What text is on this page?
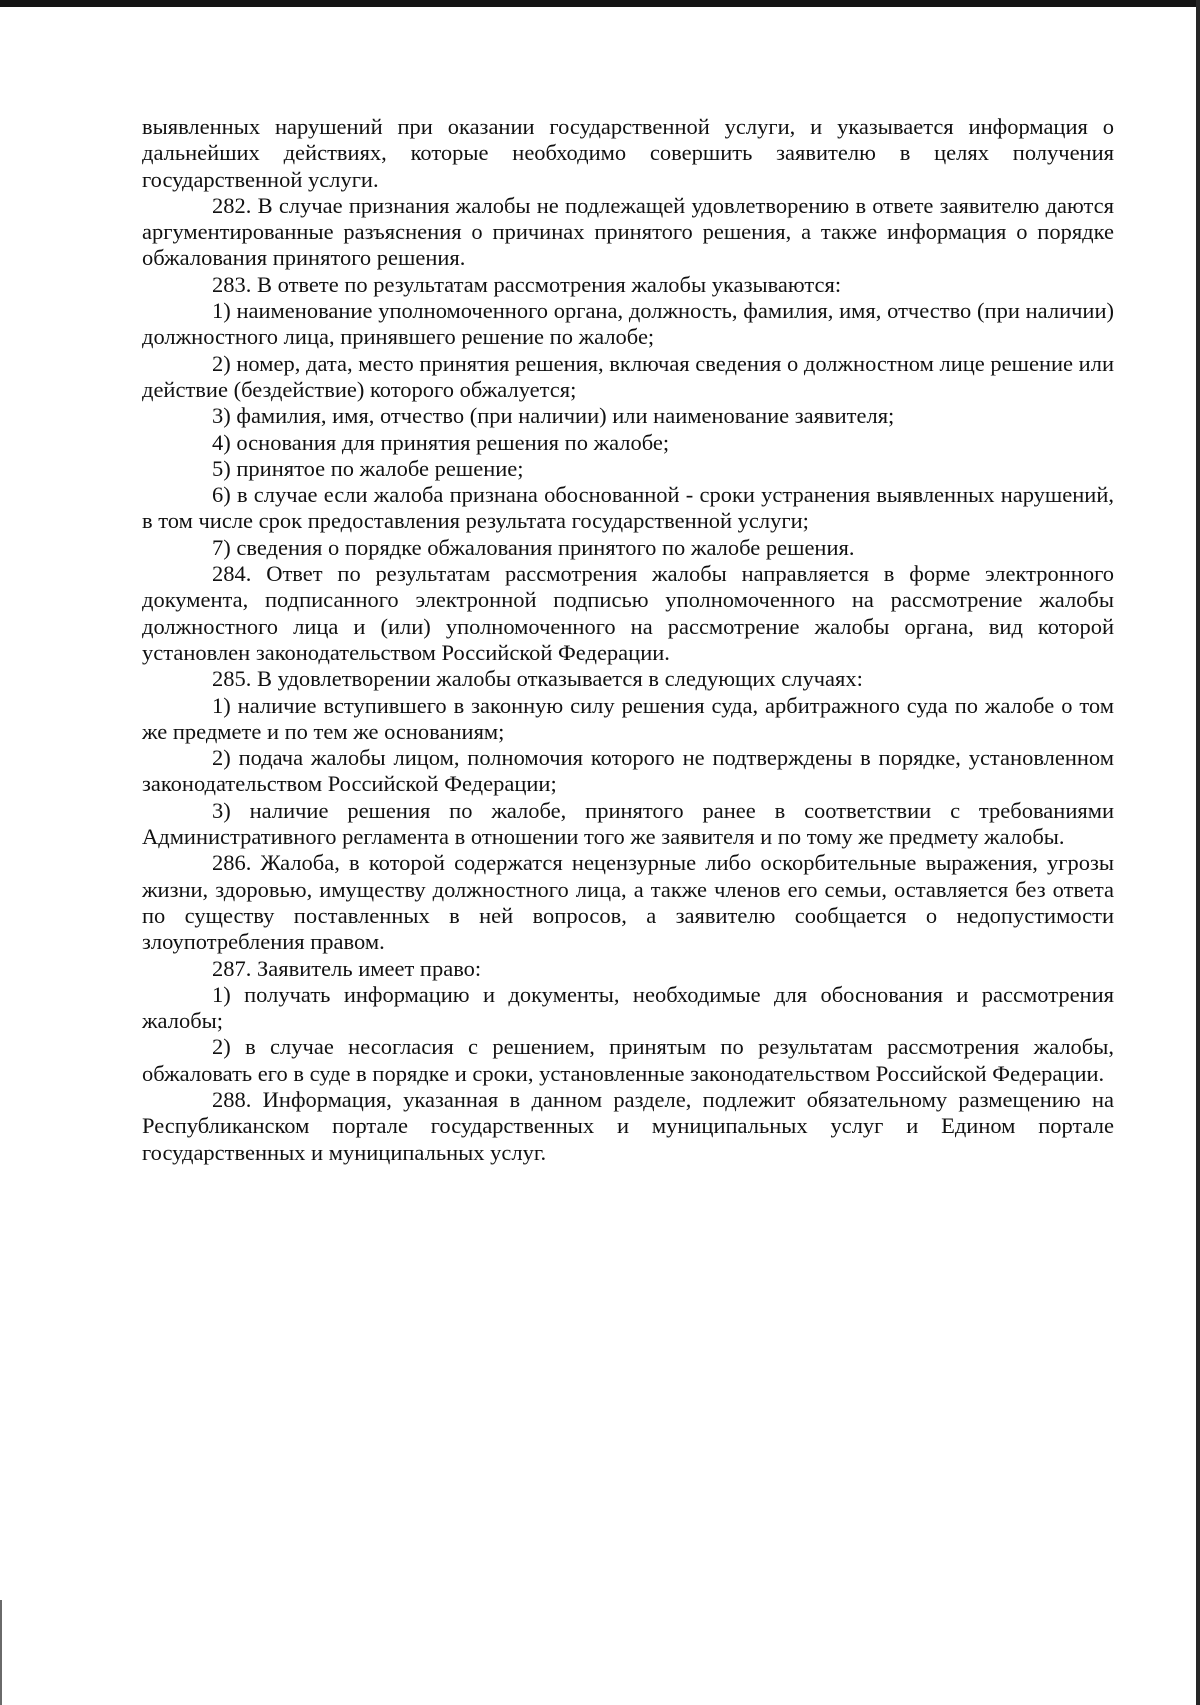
выявленных нарушений при оказании государственной услуги, и указывается информация о дальнейших действиях, которые необходимо совершить заявителю в целях получения государственной услуги.

282. В случае признания жалобы не подлежащей удовлетворению в ответе заявителю даются аргументированные разъяснения о причинах принятого решения, а также информация о порядке обжалования принятого решения.

283. В ответе по результатам рассмотрения жалобы указываются:

1) наименование уполномоченного органа, должность, фамилия, имя, отчество (при наличии) должностного лица, принявшего решение по жалобе;

2) номер, дата, место принятия решения, включая сведения о должностном лице решение или действие (бездействие) которого обжалуется;

3) фамилия, имя, отчество (при наличии) или наименование заявителя;

4) основания для принятия решения по жалобе;

5) принятое по жалобе решение;

6) в случае если жалоба признана обоснованной - сроки устранения выявленных нарушений, в том числе срок предоставления результата государственной услуги;

7) сведения о порядке обжалования принятого по жалобе решения.

284. Ответ по результатам рассмотрения жалобы направляется в форме электронного документа, подписанного электронной подписью уполномоченного на рассмотрение жалобы должностного лица и (или) уполномоченного на рассмотрение жалобы органа, вид которой установлен законодательством Российской Федерации.

285. В удовлетворении жалобы отказывается в следующих случаях:

1) наличие вступившего в законную силу решения суда, арбитражного суда по жалобе о том же предмете и по тем же основаниям;

2) подача жалобы лицом, полномочия которого не подтверждены в порядке, установленном законодательством Российской Федерации;

3) наличие решения по жалобе, принятого ранее в соответствии с требованиями Административного регламента в отношении того же заявителя и по тому же предмету жалобы.

286. Жалоба, в которой содержатся нецензурные либо оскорбительные выражения, угрозы жизни, здоровью, имуществу должностного лица, а также членов его семьи, оставляется без ответа по существу поставленных в ней вопросов, а заявителю сообщается о недопустимости злоупотребления правом.

287. Заявитель имеет право:

1) получать информацию и документы, необходимые для обоснования и рассмотрения жалобы;

2) в случае несогласия с решением, принятым по результатам рассмотрения жалобы, обжаловать его в суде в порядке и сроки, установленные законодательством Российской Федерации.

288. Информация, указанная в данном разделе, подлежит обязательному размещению на Республиканском портале государственных и муниципальных услуг и Едином портале государственных и муниципальных услуг.
